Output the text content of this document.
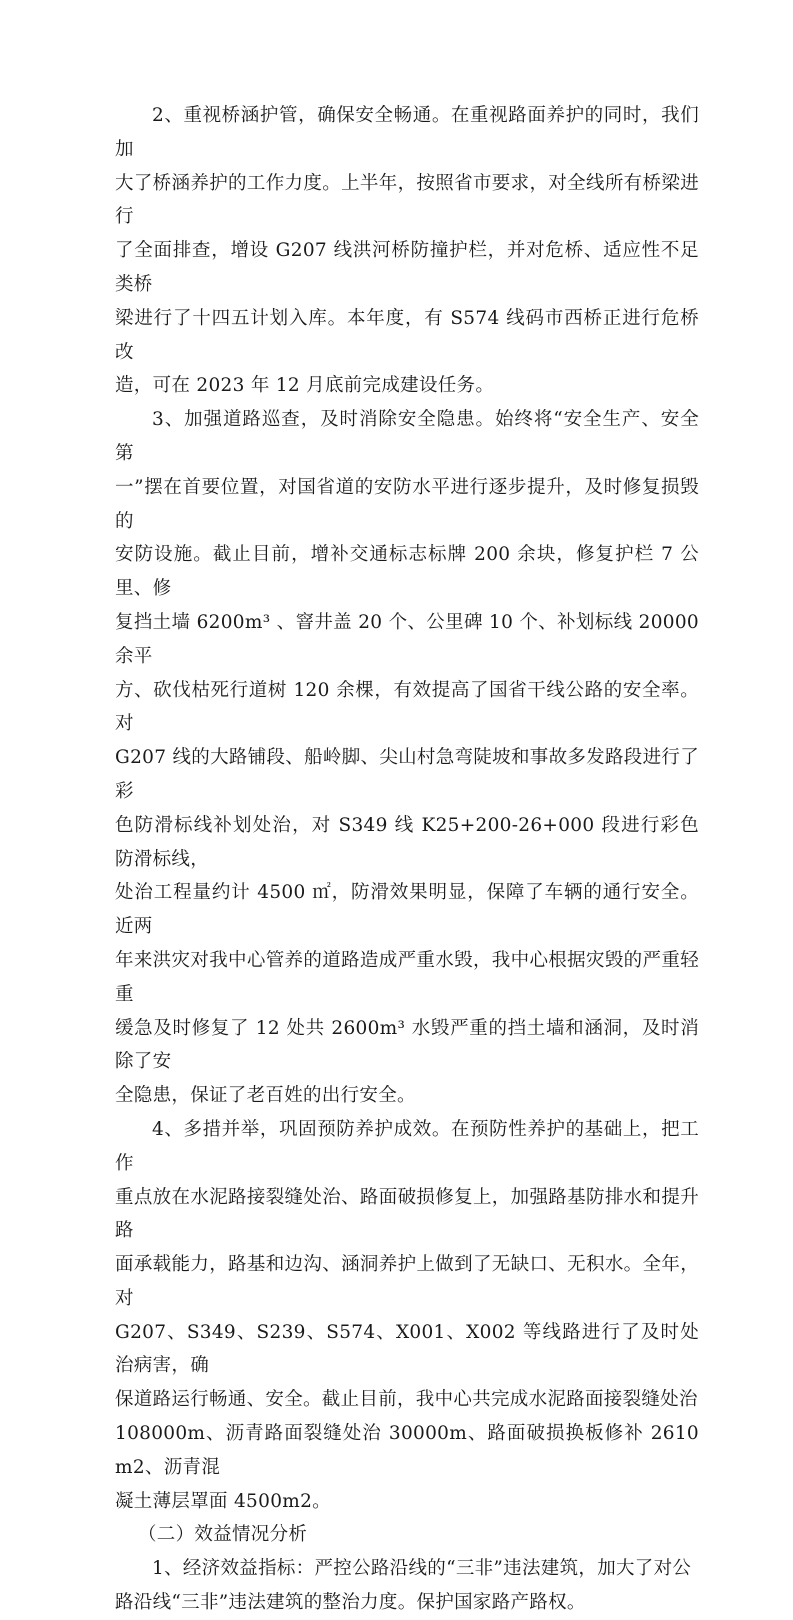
2、重视桥涵护管，确保安全畅通。在重视路面养护的同时，我们加
大了桥涵养护的工作力度。上半年，按照省市要求，对全线所有桥梁进行
了全面排查，增设 G207 线洪河桥防撞护栏，并对危桥、适应性不足类桥
梁进行了十四五计划入库。本年度，有 S574 线码市西桥正进行危桥改
造，可在 2023 年 12 月底前完成建设任务。

3、加强道路巡查，及时消除安全隐患。始终将“安全生产、安全第
一”摆在首要位置，对国省道的安防水平进行逐步提升，及时修复损毁的
安防设施。截止目前，增补交通标志标牌 200 余块，修复护栏 7 公里、修
复挡土墙 6200m³ 、窨井盖 20 个、公里碑 10 个、补划标线 20000 余平
方、砍伐枯死行道树 120 余棵，有效提高了国省干线公路的安全率。对
G207 线的大路铺段、船岭脚、尖山村急弯陡坡和事故多发路段进行了彩
色防滑标线补划处治，对 S349 线 K25+200-26+000 段进行彩色防滑标线，
处治工程量约计 4500 ㎡，防滑效果明显，保障了车辆的通行安全。近两
年来洪灾对我中心管养的道路造成严重水毁，我中心根据灾毁的严重轻重
缓急及时修复了 12 处共 2600m³ 水毁严重的挡土墙和涵洞，及时消除了安
全隐患，保证了老百姓的出行安全。

4、多措并举，巩固预防养护成效。在预防性养护的基础上，把工作
重点放在水泥路接裂缝处治、路面破损修复上，加强路基防排水和提升路
面承载能力，路基和边沟、涵洞养护上做到了无缺口、无积水。全年，对
G207、S349、S239、S574、X001、X002 等线路进行了及时处治病害，确
保道路运行畅通、安全。截止目前，我中心共完成水泥路面接裂缝处治
108000m、沥青路面裂缝处治 30000m、路面破损换板修补 2610m2、沥青混
凝土薄层罩面 4500m2。

（二）效益情况分析

1、经济效益指标：严控公路沿线的“三非”违法建筑，加大了对公
路沿线“三非”违法建筑的整治力度。保护国家路产路权。
